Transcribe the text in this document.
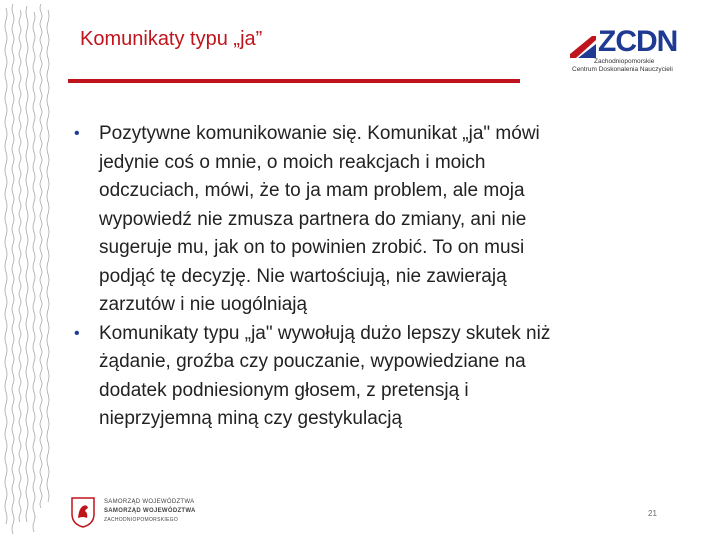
Komunikaty typu „ja”	ZCDN
Zachodniopomorskie
Centrum Doskonalenia Nauczycieli
• Pozytywne komunikowanie się. Komunikat „ja" mówi
jedynie coś o mnie, o moich reakcjach i moich
odczuciach, mówi, że to ja mam problem, ale moja
wypowiedź nie zmusza partnera do zmiany, ani nie
sugeruje mu, jak on to powinien zrobić. To on musi
podjąć tę decyzję. Nie wartościują, nie zawierają
zarzutów i nie uogólniają
• Komunikaty typu „ja" wywołują dużo lepszy skutek niż
żądanie, groźba czy pouczanie, wypowiedziane na
dodatek podniesionym głosem, z pretensją i
nieprzyjemną miną czy gestykulacją
SAMORZĄD WOJEWÓDZTWA
SAMORZĄD WOJEWÓDZTWA
ZACHODNIOPOMORSKIEGO
21
